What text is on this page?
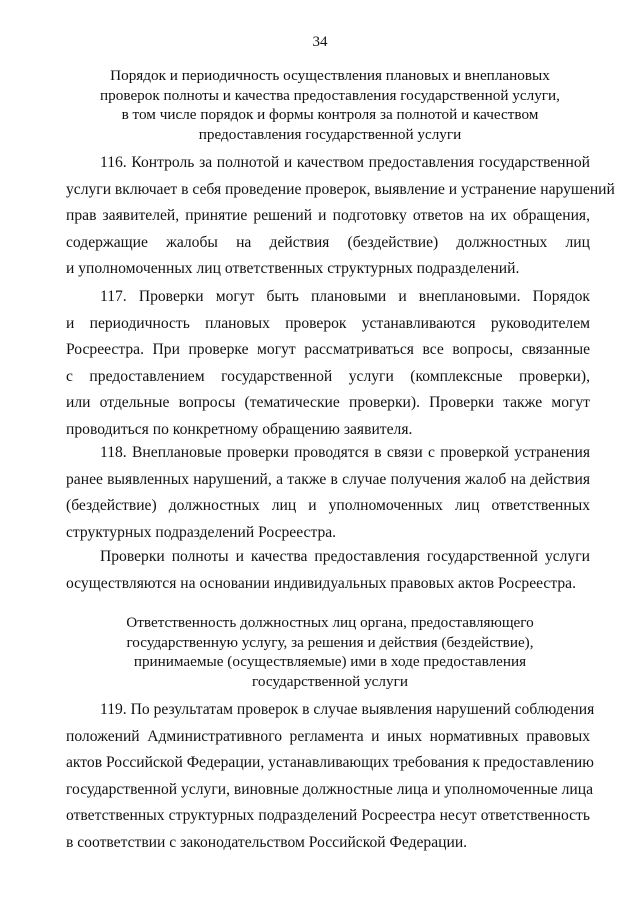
34
Порядок и периодичность осуществления плановых и внеплановых
проверок полноты и качества предоставления государственной услуги,
в том числе порядок и формы контроля за полнотой и качеством
предоставления государственной услуги
116. Контроль за полнотой и качеством предоставления государственной
услуги включает в себя проведение проверок, выявление и устранение нарушений
прав заявителей, принятие решений и подготовку ответов на их обращения,
содержащие жалобы на действия (бездействие) должностных лиц
и уполномоченных лиц ответственных структурных подразделений.
117. Проверки могут быть плановыми и внеплановыми. Порядок
и периодичность плановых проверок устанавливаются руководителем
Росреестра. При проверке могут рассматриваться все вопросы, связанные
с предоставлением государственной услуги (комплексные проверки),
или отдельные вопросы (тематические проверки). Проверки также могут
проводиться по конкретному обращению заявителя.
118. Внеплановые проверки проводятся в связи с проверкой устранения
ранее выявленных нарушений, а также в случае получения жалоб на действия
(бездействие) должностных лиц и уполномоченных лиц ответственных
структурных подразделений Росреестра.
Проверки полноты и качества предоставления государственной услуги
осуществляются на основании индивидуальных правовых актов Росреестра.
Ответственность должностных лиц органа, предоставляющего
государственную услугу, за решения и действия (бездействие),
принимаемые (осуществляемые) ими в ходе предоставления
государственной услуги
119. По результатам проверок в случае выявления нарушений соблюдения
положений Административного регламента и иных нормативных правовых
актов Российской Федерации, устанавливающих требования к предоставлению
государственной услуги, виновные должностные лица и уполномоченные лица
ответственных структурных подразделений Росреестра несут ответственность
в соответствии с законодательством Российской Федерации.
